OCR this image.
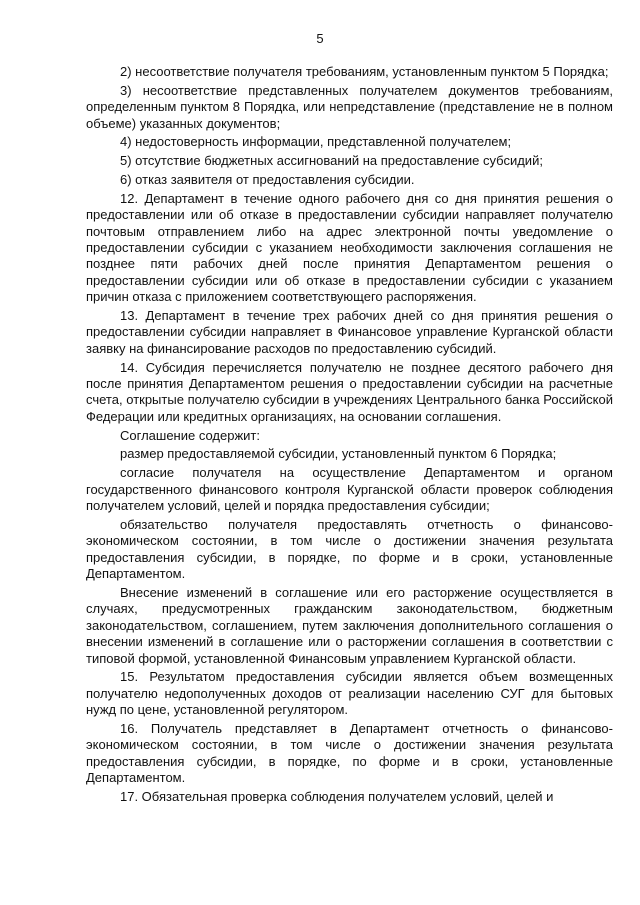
5

2) несоответствие получателя требованиям, установленным пунктом 5 Порядка;

3) несоответствие представленных получателем документов требованиям, определенным пунктом 8 Порядка, или непредставление (представление не в полном объеме) указанных документов;

4) недостоверность информации, представленной получателем;

5) отсутствие бюджетных ассигнований на предоставление субсидий;

6) отказ заявителя от предоставления субсидии.

12. Департамент в течение одного рабочего дня со дня принятия решения о предоставлении или об отказе в предоставлении субсидии направляет получателю почтовым отправлением либо на адрес электронной почты уведомление о предоставлении субсидии с указанием необходимости заключения соглашения не позднее пяти рабочих дней после принятия Департаментом решения о предоставлении субсидии или об отказе в предоставлении субсидии с указанием причин отказа с приложением соответствующего распоряжения.

13. Департамент в течение трех рабочих дней со дня принятия решения о предоставлении субсидии направляет в Финансовое управление Курганской области заявку на финансирование расходов по предоставлению субсидий.

14. Субсидия перечисляется получателю не позднее десятого рабочего дня после принятия Департаментом решения о предоставлении субсидии на расчетные счета, открытые получателю субсидии в учреждениях Центрального банка Российской Федерации или кредитных организациях, на основании соглашения.

Соглашение содержит:

размер предоставляемой субсидии, установленный пунктом 6 Порядка;

согласие получателя на осуществление Департаментом и органом государственного финансового контроля Курганской области проверок соблюдения получателем условий, целей и порядка предоставления субсидии;

обязательство получателя предоставлять отчетность о финансово-экономическом состоянии, в том числе о достижении значения результата предоставления субсидии, в порядке, по форме и в сроки, установленные Департаментом.

Внесение изменений в соглашение или его расторжение осуществляется в случаях, предусмотренных гражданским законодательством, бюджетным законодательством, соглашением, путем заключения дополнительного соглашения о внесении изменений в соглашение или о расторжении соглашения в соответствии с типовой формой, установленной Финансовым управлением Курганской области.

15. Результатом предоставления субсидии является объем возмещенных получателю недополученных доходов от реализации населению СУГ для бытовых нужд по цене, установленной регулятором.

16. Получатель представляет в Департамент отчетность о финансово-экономическом состоянии, в том числе о достижении значения результата предоставления субсидии, в порядке, по форме и в сроки, установленные Департаментом.

17. Обязательная проверка соблюдения получателем условий, целей и
